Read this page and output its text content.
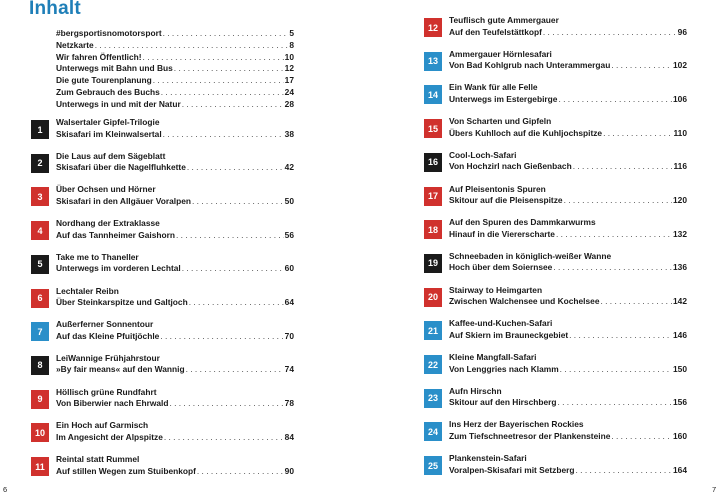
Inhalt
#bergsportisnomotorsport . . .	5
Netzkarte . . .	8
Wir fahren Öffentlich! . . .	10
Unterwegs mit Bahn und Bus . . .	12
Die gute Tourenplanung . . .	17
Zum Gebrauch des Buchs . . .	24
Unterwegs in und mit der Natur . . .	28
1
Walsertaler Gipfel-Trilogie
Skisafari im Kleinwalsertal . . .	38
2
Die Laus auf dem Sägeblatt
Skisafari über die Nagelfluhkette . . .	42
3
Über Ochsen und Hörner
Skisafari in den Allgäuer Voralpen . . .	50
4
Nordhang der Extraklasse
Auf das Tannheimer Gaishorn . . .	56
5
Take me to Thaneller
Unterwegs im vorderen Lechtal . . .	60
6
Lechtaler Reibn
Über Steinkarspitze und Galtjoch . . .	64
7
Außerferner Sonnentour
Auf das Kleine Pfuitjöchle . . .	70
8
LeiWannige Frühjahrstour
»By fair means« auf den Wannig . . .	74
9
Höllisch grüne Rundfahrt
Von Biberwier nach Ehrwald . . .	78
10
Ein Hoch auf Garmisch
Im Angesicht der Alpspitze . . .	84
11
Reintal statt Rummel
Auf stillen Wegen zum Stuibenkopf . . .	90
12
Teuflisch gute Ammergauer
Auf den Teufelstättkopf . . .	96
13
Ammergauer Hörnlesafari
Von Bad Kohlgrub nach Unterammergau . . .	102
14
Ein Wank für alle Felle
Unterwegs im Estergebirge . . .	106
15
Von Scharten und Gipfeln
Übers Kuhlloch auf die Kuhljochspitze . . .	110
16
Cool-Loch-Safari
Von Hochzirl nach Gießenbach . . .	116
17
Auf Pleisentonis Spuren
Skitour auf die Pleisenspitze . . .	120
18
Auf den Spuren des Dammkarwurms
Hinauf in die Viererscharte . . .	132
19
Schneebaden in königlich-weißer Wanne
Hoch über dem Soiernsee . . .	136
20
Stairway to Heimgarten
Zwischen Walchensee und Kochelsee . . .	142
21
Kaffee-und-Kuchen-Safari
Auf Skiern im Brauneckgebiet . . .	146
22
Kleine Mangfall-Safari
Von Lenggries nach Klamm . . .	150
23
Aufn Hirschn
Skitour auf den Hirschberg . . .	156
24
Ins Herz der Bayerischen Rockies
Zum Tiefschneetresor der Plankensteine . . .	160
25
Plankenstein-Safari
Voralpen-Skisafari mit Setzberg . . .	164
6	7
